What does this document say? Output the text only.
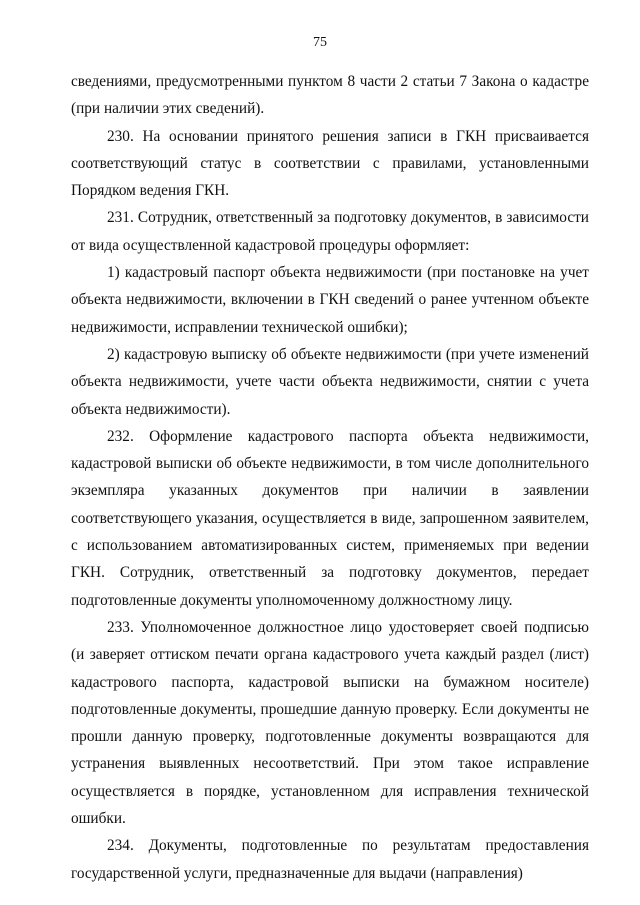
75

сведениями, предусмотренными пунктом 8 части 2 статьи 7 Закона о кадастре (при наличии этих сведений).

230. На основании принятого решения записи в ГКН присваивается соответствующий статус в соответствии с правилами, установленными Порядком ведения ГКН.

231. Сотрудник, ответственный за подготовку документов, в зависимости от вида осуществленной кадастровой процедуры оформляет:

1) кадастровый паспорт объекта недвижимости (при постановке на учет объекта недвижимости, включении в ГКН сведений о ранее учтенном объекте недвижимости, исправлении технической ошибки);

2) кадастровую выписку об объекте недвижимости (при учете изменений объекта недвижимости, учете части объекта недвижимости, снятии с учета объекта недвижимости).

232. Оформление кадастрового паспорта объекта недвижимости, кадастровой выписки об объекте недвижимости, в том числе дополнительного экземпляра указанных документов при наличии в заявлении соответствующего указания, осуществляется в виде, запрошенном заявителем, с использованием автоматизированных систем, применяемых при ведении ГКН. Сотрудник, ответственный за подготовку документов, передает подготовленные документы уполномоченному должностному лицу.

233. Уполномоченное должностное лицо удостоверяет своей подписью (и заверяет оттиском печати органа кадастрового учета каждый раздел (лист) кадастрового паспорта, кадастровой выписки на бумажном носителе) подготовленные документы, прошедшие данную проверку. Если документы не прошли данную проверку, подготовленные документы возвращаются для устранения выявленных несоответствий. При этом такое исправление осуществляется в порядке, установленном для исправления технической ошибки.

234. Документы, подготовленные по результатам предоставления государственной услуги, предназначенные для выдачи (направления)
